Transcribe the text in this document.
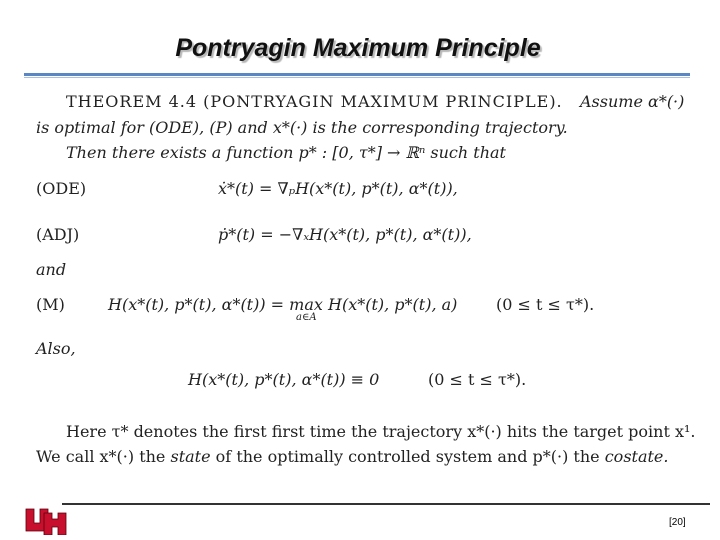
Pontryagin Maximum Principle
THEOREM 4.4 (PONTRYAGIN MAXIMUM PRINCIPLE). Assume α*(·)
is optimal for (ODE), (P) and x*(·) is the corresponding trajectory.
Then there exists a function p* : [0, τ*] → ℝⁿ such that
(ODE)	ẋ*(t) = ∇ₚH(x*(t), p*(t), α*(t)),
(ADJ)	ṗ*(t) = −∇ₓH(x*(t), p*(t), α*(t)),
and
(M)	H(x*(t), p*(t), α*(t)) = max H(x*(t), p*(t), a)
a∈A
(0 ≤ t ≤ τ*).
Also,
H(x*(t), p*(t), α*(t)) ≡ 0	(0 ≤ t ≤ τ*).
Here τ* denotes the first first time the trajectory x*(·) hits the target point x¹.
We call x*(·) the state of the optimally controlled system and p*(·) the costate.
[20]
